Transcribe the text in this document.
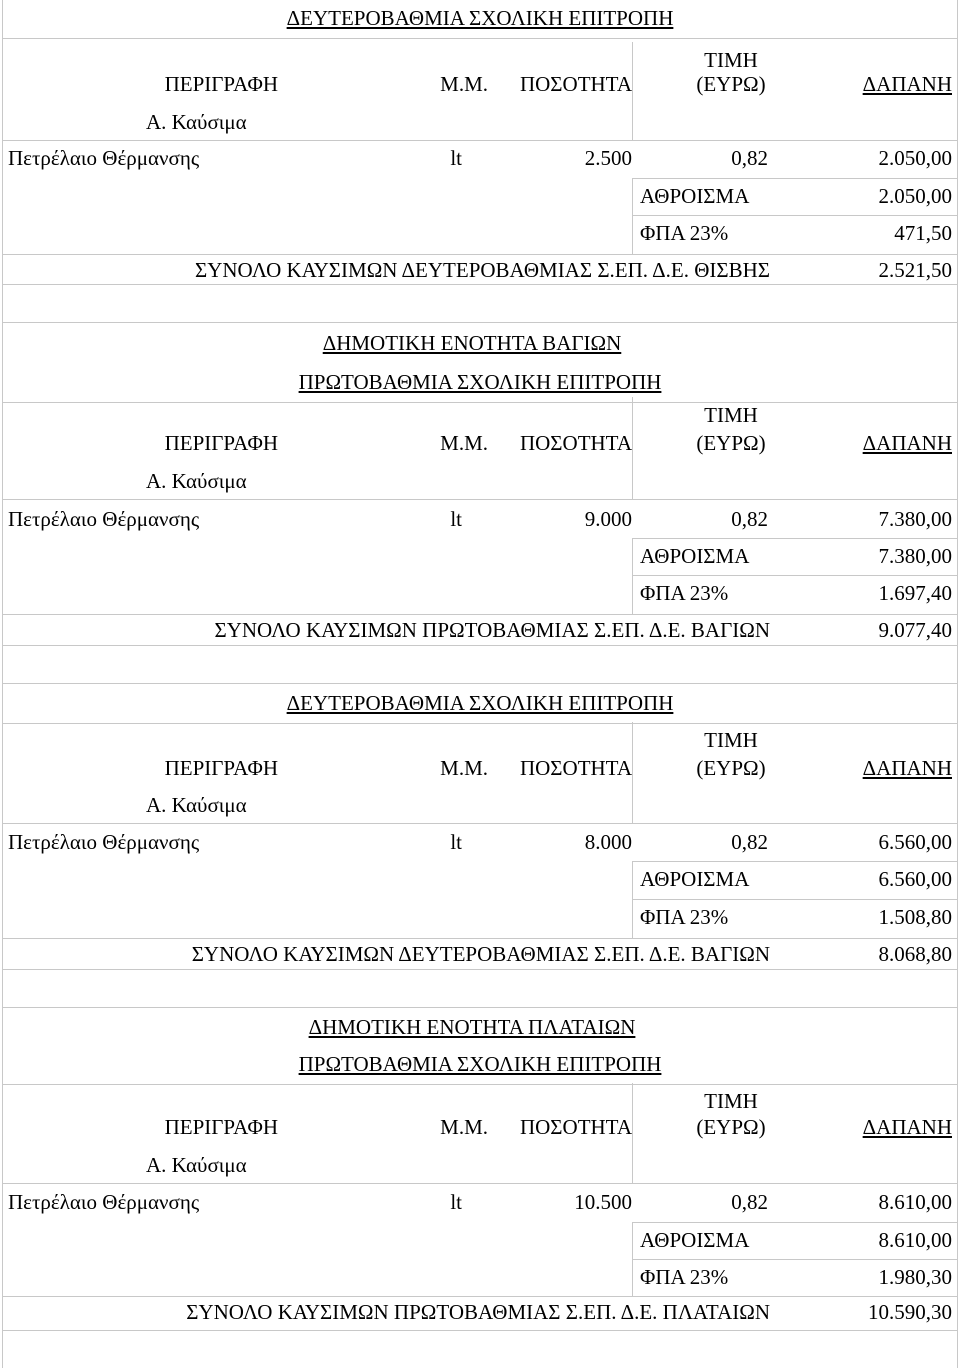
ΔΕΥΤΕΡΟΒΑΘΜΙΑ ΣΧΟΛΙΚΗ ΕΠΙΤΡΟΠΗ
ΠΕΡΙΓΡΑΦΗ	Μ.Μ. ΠΟΣΟΤΗΤΑ
ΤΙΜΗ
(ΕΥΡΩ)	ΔΑΠΑΝΗ
Α. Καύσιμα
Πετρέλαιο Θέρμανσης	lt	2.500	0,82	2.050,00
ΑΘΡΟΙΣΜΑ	2.050,00
ΦΠΑ 23%	471,50
ΣΥΝΟΛΟ ΚΑΥΣΙΜΩΝ ΔΕΥΤΕΡΟΒΑΘΜΙΑΣ Σ.ΕΠ. Δ.Ε. ΘΙΣΒΗΣ	2.521,50
ΔΗΜΟΤΙΚΗ ΕΝΟΤΗΤΑ ΒΑΓΙΩΝ
ΠΡΩΤΟΒΑΘΜΙΑ ΣΧΟΛΙΚΗ ΕΠΙΤΡΟΠΗ
ΠΕΡΙΓΡΑΦΗ	Μ.Μ. ΠΟΣΟΤΗΤΑ
ΤΙΜΗ
(ΕΥΡΩ)	ΔΑΠΑΝΗ
Α. Καύσιμα
Πετρέλαιο Θέρμανσης	lt	9.000	0,82	7.380,00
ΑΘΡΟΙΣΜΑ	7.380,00
ΦΠΑ 23%	1.697,40
ΣΥΝΟΛΟ ΚΑΥΣΙΜΩΝ ΠΡΩΤΟΒΑΘΜΙΑΣ Σ.ΕΠ. Δ.Ε. ΒΑΓΙΩΝ	9.077,40
ΔΕΥΤΕΡΟΒΑΘΜΙΑ ΣΧΟΛΙΚΗ ΕΠΙΤΡΟΠΗ
ΠΕΡΙΓΡΑΦΗ	Μ.Μ. ΠΟΣΟΤΗΤΑ
ΤΙΜΗ
(ΕΥΡΩ)	ΔΑΠΑΝΗ
Α. Καύσιμα
Πετρέλαιο Θέρμανσης	lt	8.000	0,82	6.560,00
ΑΘΡΟΙΣΜΑ	6.560,00
ΦΠΑ 23%	1.508,80
ΣΥΝΟΛΟ ΚΑΥΣΙΜΩΝ ΔΕΥΤΕΡΟΒΑΘΜΙΑΣ Σ.ΕΠ. Δ.Ε. ΒΑΓΙΩΝ	8.068,80
ΔΗΜΟΤΙΚΗ ΕΝΟΤΗΤΑ ΠΛΑΤΑΙΩΝ
ΠΡΩΤΟΒΑΘΜΙΑ ΣΧΟΛΙΚΗ ΕΠΙΤΡΟΠΗ
ΠΕΡΙΓΡΑΦΗ	Μ.Μ. ΠΟΣΟΤΗΤΑ
ΤΙΜΗ
(ΕΥΡΩ)	ΔΑΠΑΝΗ
Α. Καύσιμα
Πετρέλαιο Θέρμανσης	lt	10.500	0,82	8.610,00
ΑΘΡΟΙΣΜΑ	8.610,00
ΦΠΑ 23%	1.980,30
ΣΥΝΟΛΟ ΚΑΥΣΙΜΩΝ ΠΡΩΤΟΒΑΘΜΙΑΣ Σ.ΕΠ. Δ.Ε. ΠΛΑΤΑΙΩΝ	10.590,30
